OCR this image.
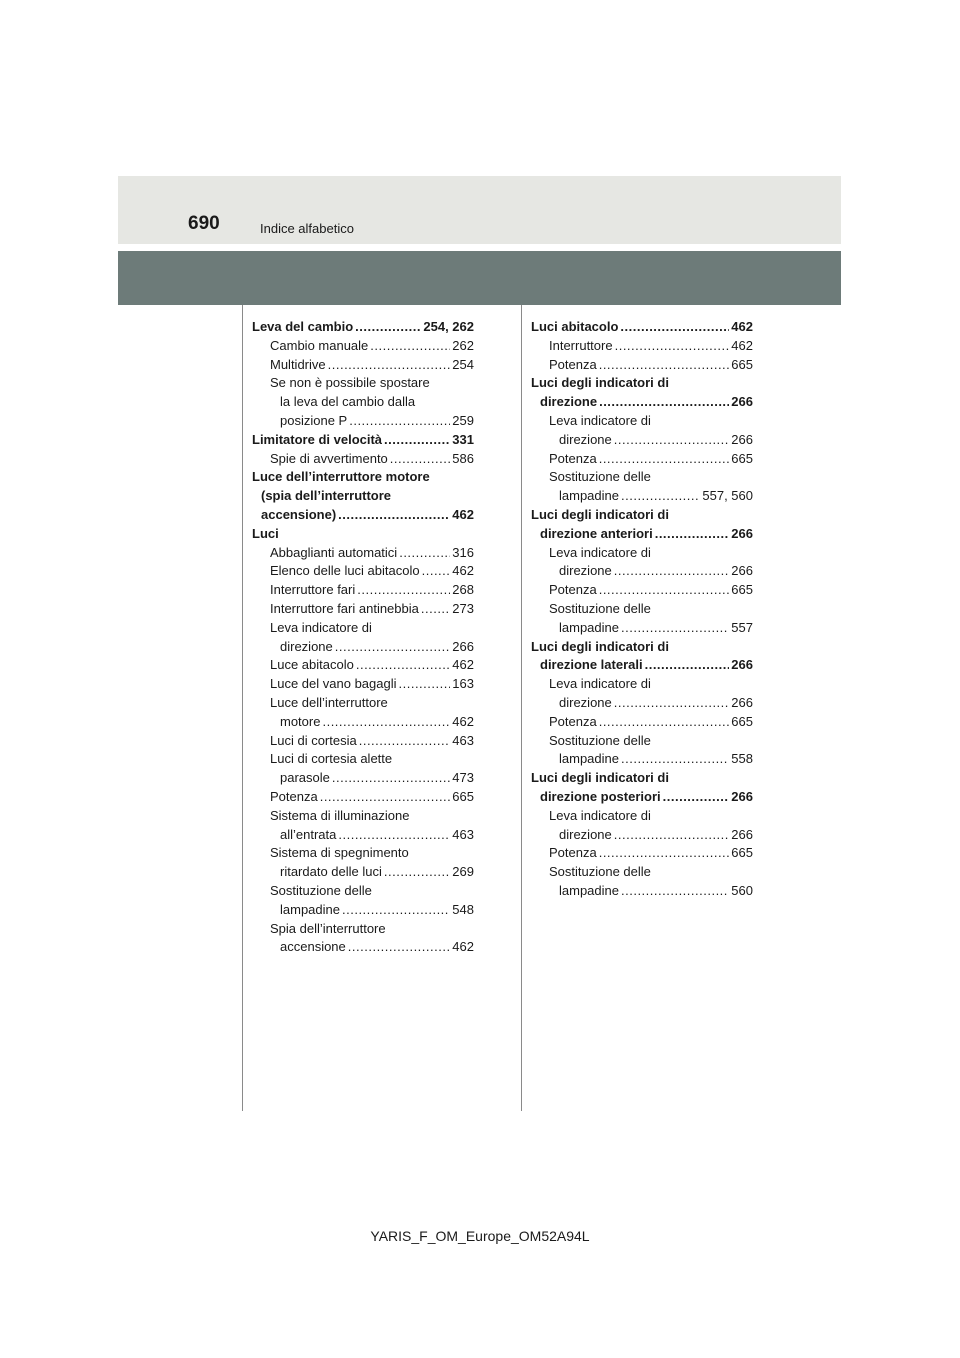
690	Indice alfabetico
Leva del cambio .....	254, 262
Cambio manuale .....	262
Multidrive .....	254
Se non è possibile spostare
la leva del cambio dalla
posizione P .....	259
Limitatore di velocità .....	331
Spie di avvertimento .....	586
Luce dell’interruttore motore
(spia dell’interruttore
accensione) .....	462
Luci
Abbaglianti automatici .....	316
Elenco delle luci abitacolo .....	462
Interruttore fari .....	268
Interruttore fari antinebbia .....	273
Leva indicatore di
direzione .....	266
Luce abitacolo .....	462
Luce del vano bagagli .....	163
Luce dell’interruttore
motore .....	462
Luci di cortesia .....	463
Luci di cortesia alette
parasole .....	473
Potenza .....	665
Sistema di illuminazione
all’entrata .....	463
Sistema di spegnimento
ritardato delle luci .....	269
Sostituzione delle
lampadine .....	548
Spia dell’interruttore
accensione .....	462
Luci abitacolo .....	462
Interruttore .....	462
Potenza .....	665
Luci degli indicatori di
direzione .....	266
Leva indicatore di
direzione .....	266
Potenza .....	665
Sostituzione delle
lampadine .....	557, 560
Luci degli indicatori di
direzione anteriori .....	266
Leva indicatore di
direzione .....	266
Potenza .....	665
Sostituzione delle
lampadine .....	557
Luci degli indicatori di
direzione laterali .....	266
Leva indicatore di
direzione .....	266
Potenza .....	665
Sostituzione delle
lampadine .....	558
Luci degli indicatori di
direzione posteriori .....	266
Leva indicatore di
direzione .....	266
Potenza .....	665
Sostituzione delle
lampadine .....	560
YARIS_F_OM_Europe_OM52A94L
